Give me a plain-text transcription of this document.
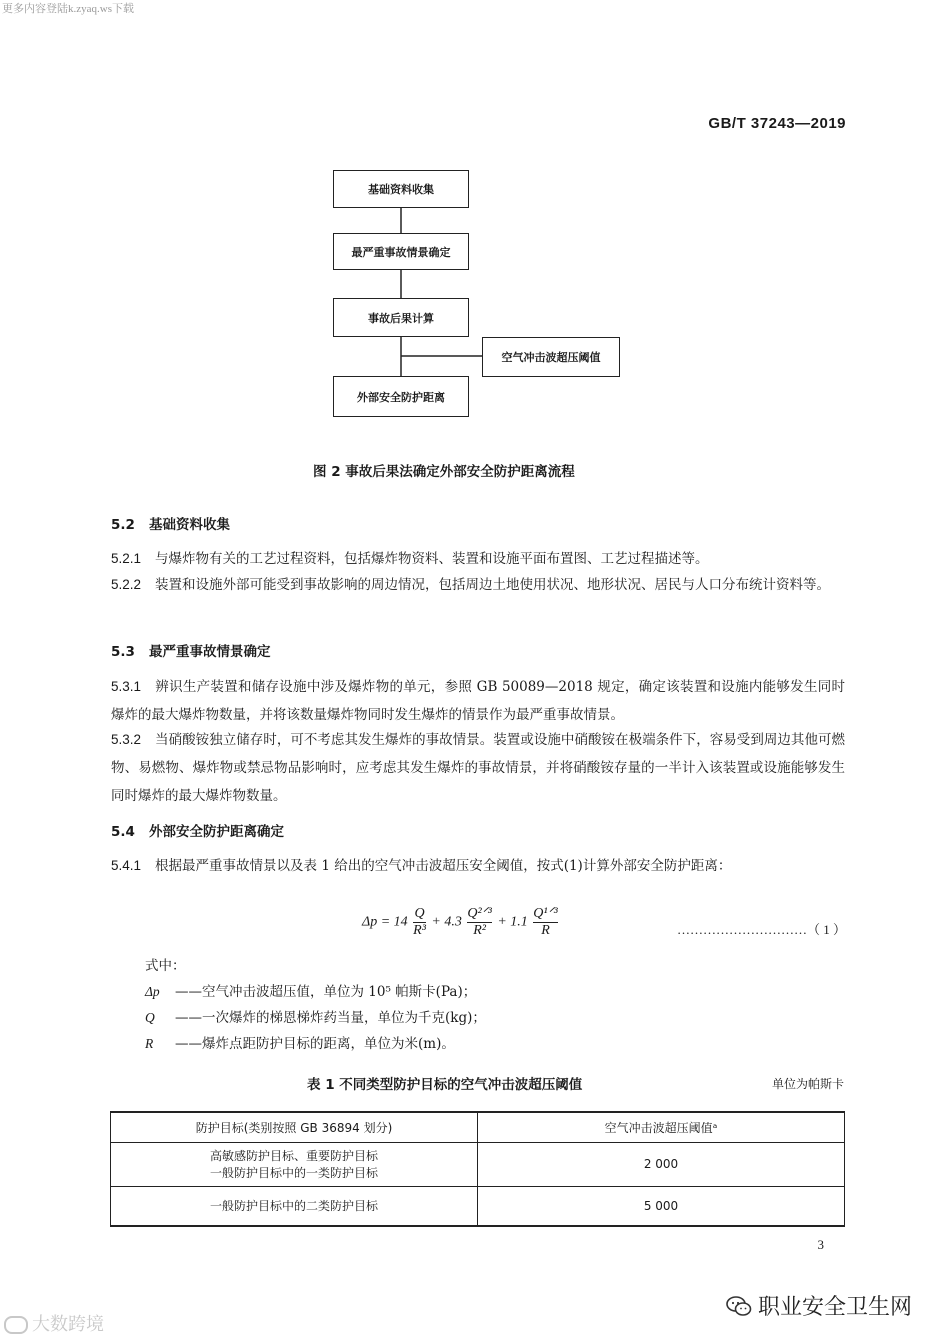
更多内容登陆k.zyaq.ws下载
GB/T 37243—2019
基础资料收集
最严重事故情景确定
事故后果计算
空气冲击波超压阈值
外部安全防护距离
图 2 事故后果法确定外部安全防护距离流程
5.2 基础资料收集
5.2.1 与爆炸物有关的工艺过程资料，包括爆炸物资料、装置和设施平面布置图、工艺过程描述等。
5.2.2 装置和设施外部可能受到事故影响的周边情况，包括周边土地使用状况、地形状况、居民与人口分布统计资料等。
5.3 最严重事故情景确定
5.3.1 辨识生产装置和储存设施中涉及爆炸物的单元，参照 GB 50089—2018 规定，确定该装置和设施内能够发生同时爆炸的最大爆炸物数量，并将该数量爆炸物同时发生爆炸的情景作为最严重事故情景。
5.3.2 当硝酸铵独立储存时，可不考虑其发生爆炸的事故情景。装置或设施中硝酸铵在极端条件下，容易受到周边其他可燃物、易燃物、爆炸物或禁忌物品影响时，应考虑其发生爆炸的事故情景，并将硝酸铵存量的一半计入该装置或设施能够发生同时爆炸的最大爆炸物数量。
5.4 外部安全防护距离确定
5.4.1 根据最严重事故情景以及表 1 给出的空气冲击波超压安全阈值，按式(1)计算外部安全防护距离：
$\Delta p = 14 \frac{Q}{\text{R³}} + 4.3 \frac{\text{Q²ᐟ³}}{\text{R²}} + 1.1 \frac{\text{Q¹ᐟ³}}{R}$	…………………………（ 1 ）
式中：
Δp ——空气冲击波超压值，单位为 10⁵ 帕斯卡(Pa)；
Q ——一次爆炸的梯恩梯炸药当量，单位为千克(kg)；
R ——爆炸点距防护目标的距离，单位为米(m)。
表 1 不同类型防护目标的空气冲击波超压阈值	单位为帕斯卡
防护目标(类别按照 GB 36894 划分)	空气冲击波超压阈值ᵃ

高敏感防护目标、重要防护目标
一般防护目标中的一类防护目标	2 000
一般防护目标中的二类防护目标	5 000
3
大数跨境
职业安全卫生网
